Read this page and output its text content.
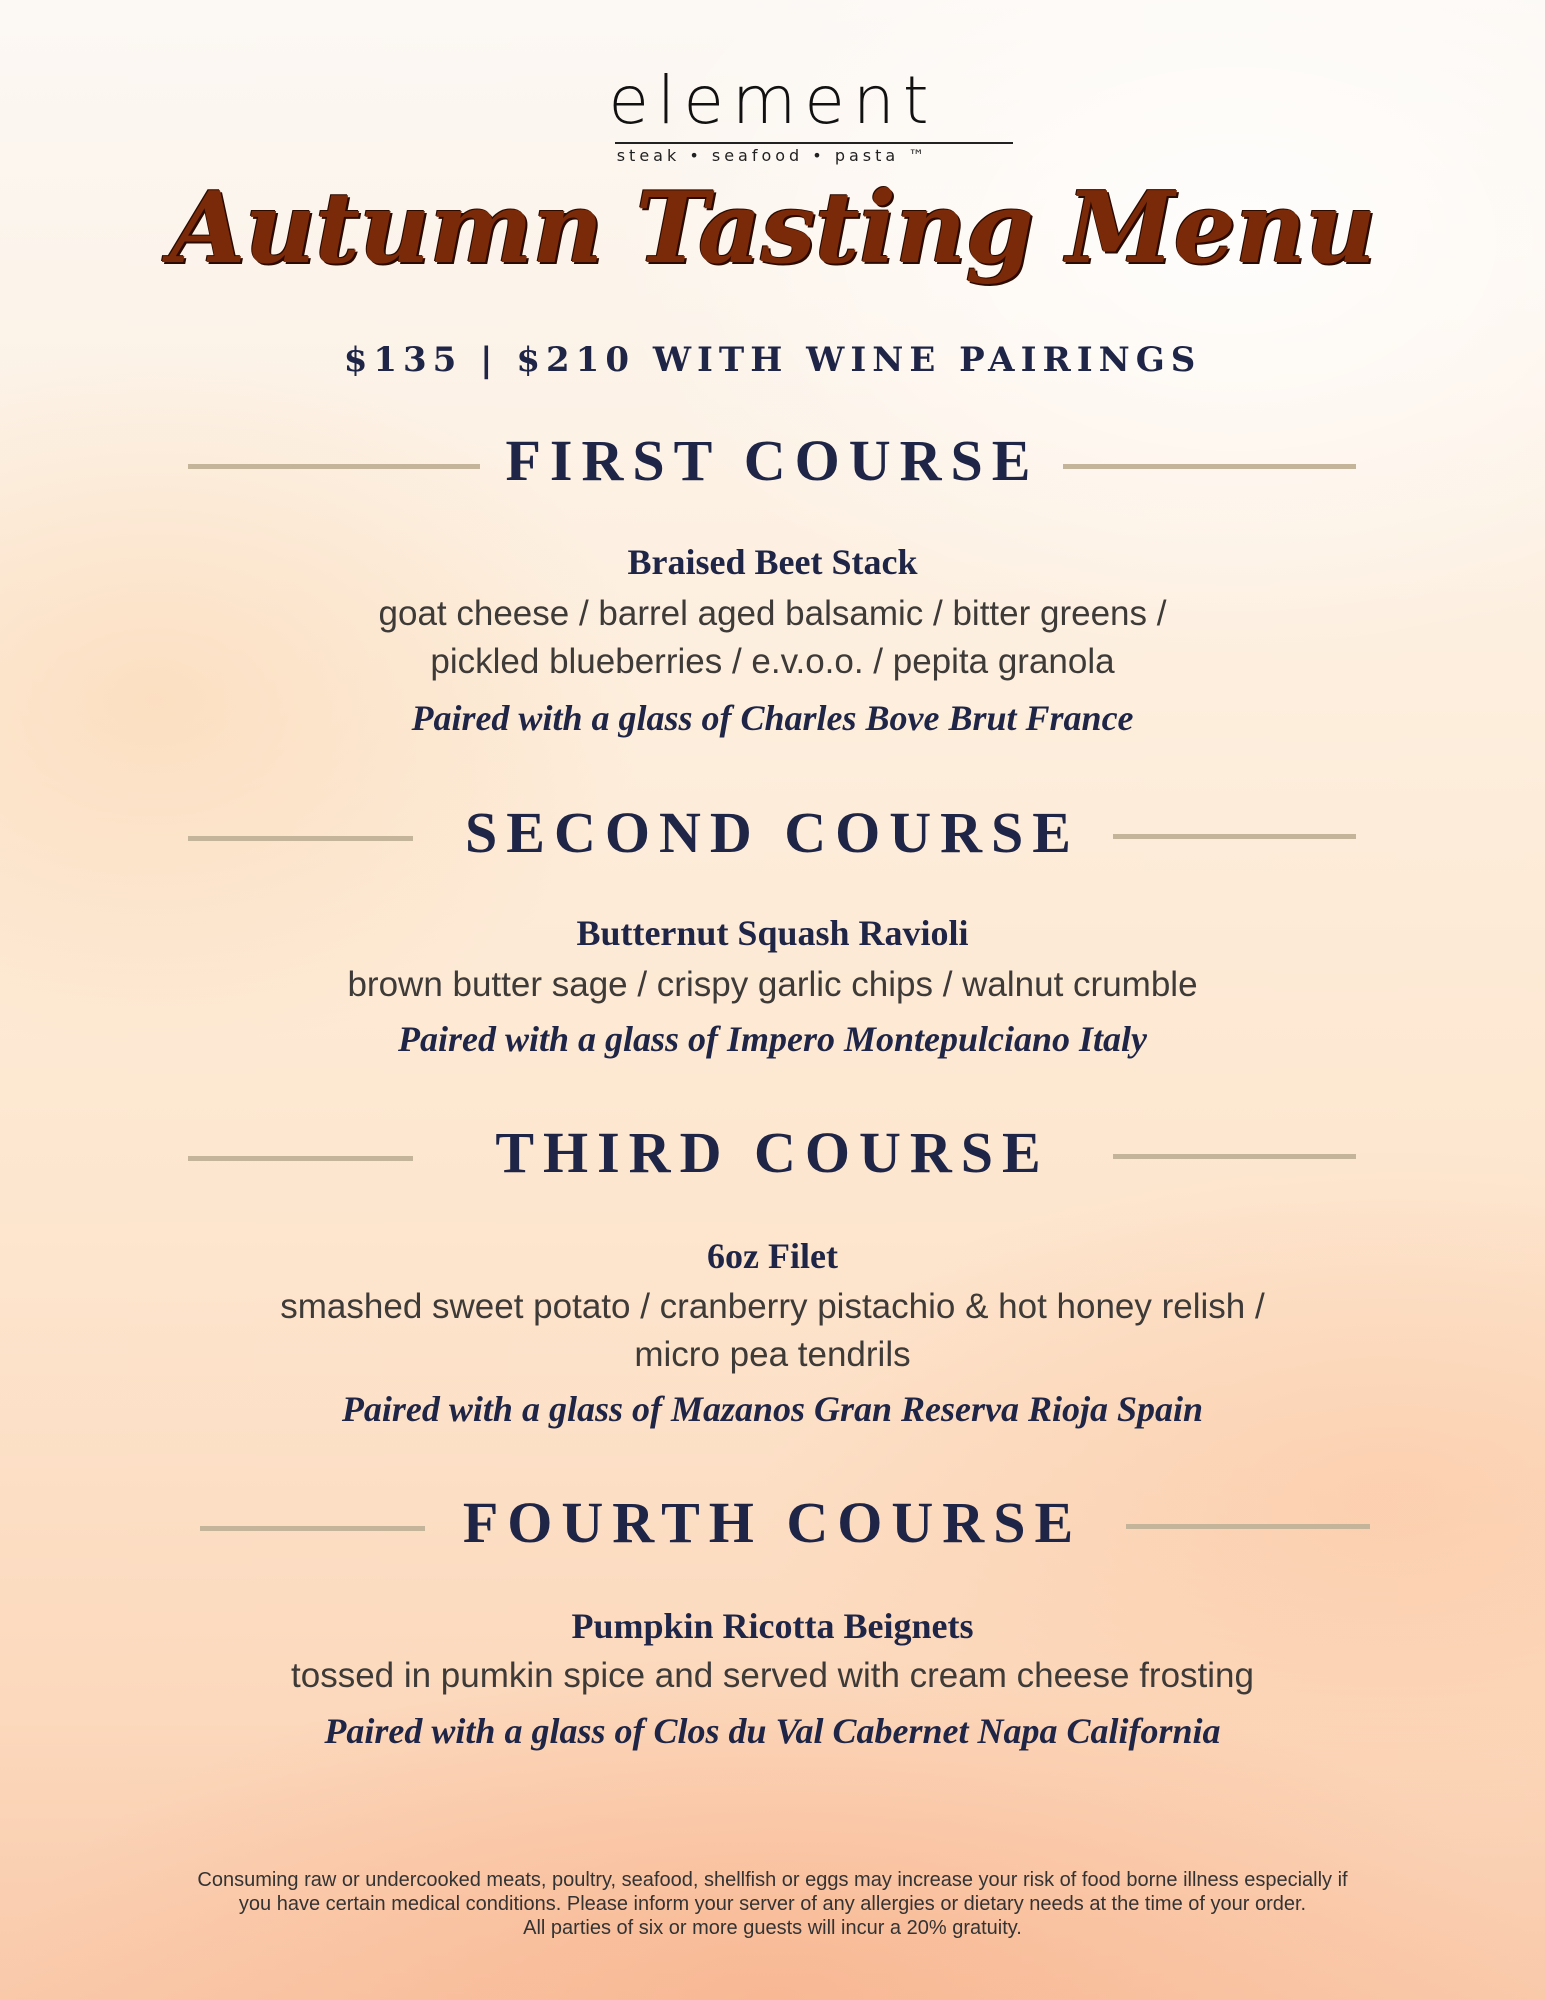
element
steak • seafood • pasta ™
Autumn Tasting Menu
$135 | $210 WITH WINE PAIRINGS
FIRST COURSE
Braised Beet Stack
goat cheese / barrel aged balsamic / bitter greens /
pickled blueberries / e.v.o.o. / pepita granola
Paired with a glass of Charles Bove Brut France
SECOND COURSE
Butternut Squash Ravioli
brown butter sage / crispy garlic chips / walnut crumble
Paired with a glass of Impero Montepulciano Italy
THIRD COURSE
6oz Filet
smashed sweet potato / cranberry pistachio & hot honey relish /
micro pea tendrils
Paired with a glass of Mazanos Gran Reserva Rioja Spain
FOURTH COURSE
Pumpkin Ricotta Beignets
tossed in pumkin spice and served with cream cheese frosting
Paired with a glass of Clos du Val Cabernet Napa California
Consuming raw or undercooked meats, poultry, seafood, shellfish or eggs may increase your risk of food borne illness especially if
you have certain medical conditions. Please inform your server of any allergies or dietary needs at the time of your order.
All parties of six or more guests will incur a 20% gratuity.
